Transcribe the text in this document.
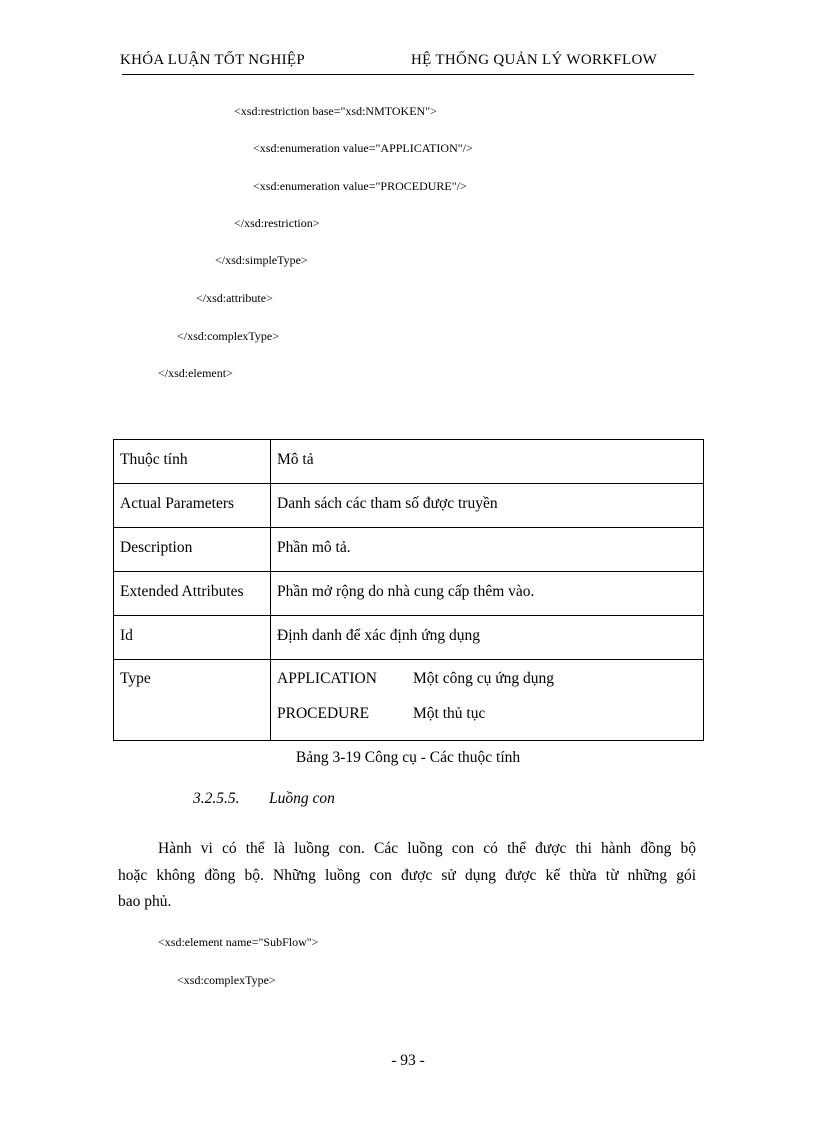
KHÓA LUẬN TỐT NGHIỆP	HỆ THỐNG QUẢN LÝ WORKFLOW
<xsd:restriction base="xsd:NMTOKEN">
<xsd:enumeration value="APPLICATION"/>
<xsd:enumeration value="PROCEDURE"/>
</xsd:restriction>
</xsd:simpleType>
</xsd:attribute>
</xsd:complexType>
</xsd:element>
Thuộc tính	Mô tả
Actual Parameters	Danh sách các tham số được truyền
Description	Phần mô tả.
Extended Attributes	Phần mở rộng do nhà cung cấp thêm vào.
Id	Định danh để xác định ứng dụng
Type	APPLICATION Một công cụ ứng dụng
PROCEDURE Một thủ tục
Bảng 3-19 Công cụ - Các thuộc tính
3.2.5.5. Luồng con
Hành vi có thể là luồng con. Các luồng con có thể được thi hành đồng bộ
hoặc không đồng bộ. Những luồng con được sử dụng được kế thừa từ những gói
bao phủ.
<xsd:element name="SubFlow">
<xsd:complexType>
- 93 -
